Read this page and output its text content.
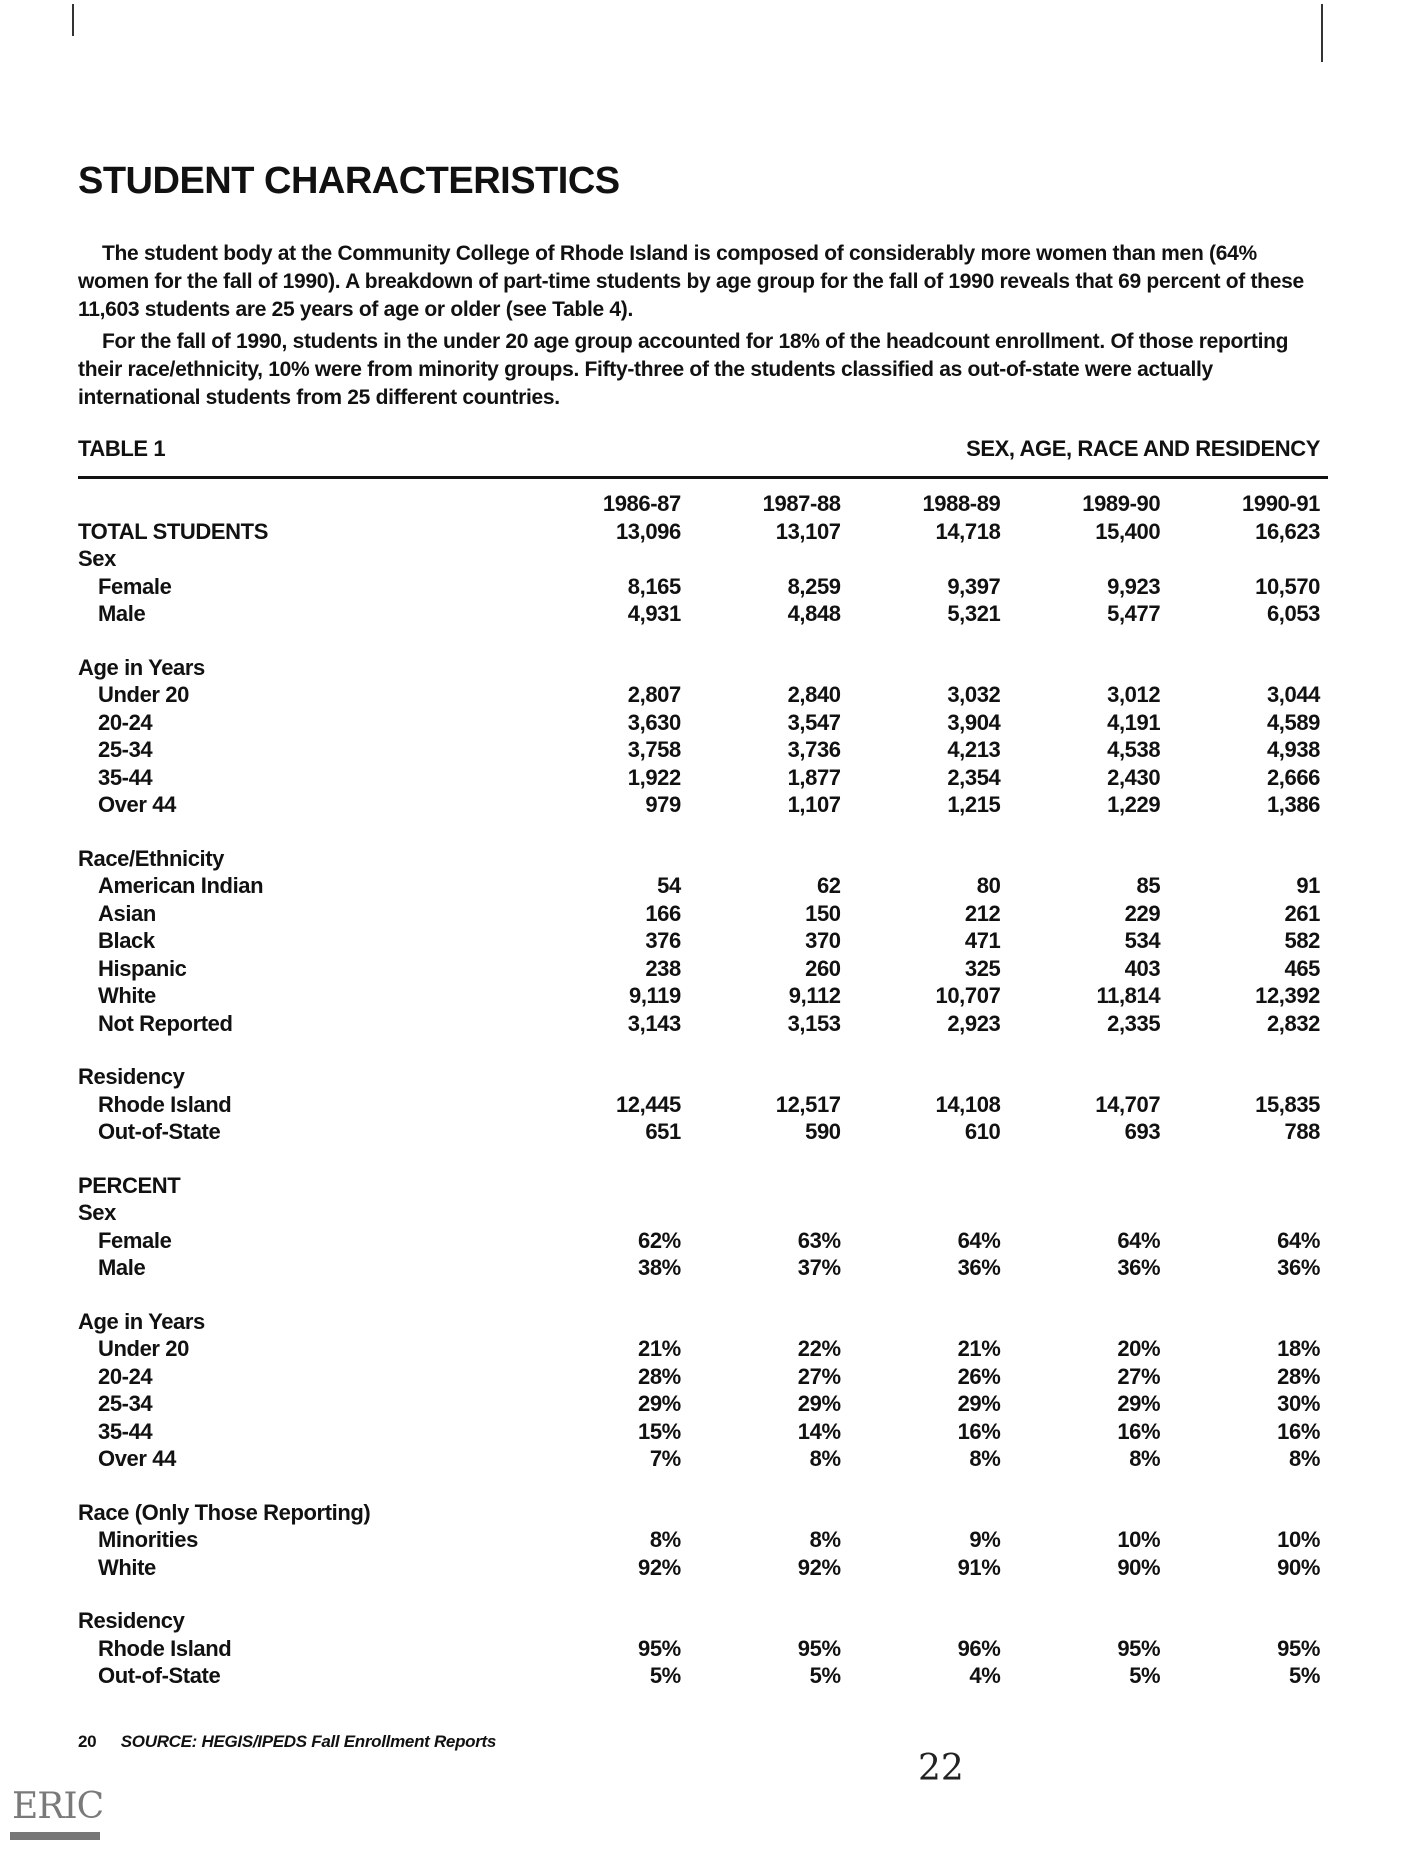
STUDENT CHARACTERISTICS
The student body at the Community College of Rhode Island is composed of considerably more women than men (64% women for the fall of 1990). A breakdown of part-time students by age group for the fall of 1990 reveals that 69 percent of these 11,603 students are 25 years of age or older (see Table 4).
For the fall of 1990, students in the under 20 age group accounted for 18% of the headcount enrollment. Of those reporting their race/ethnicity, 10% were from minority groups. Fifty-three of the students classified as out-of-state were actually international students from 25 different countries.
TABLE 1	SEX, AGE, RACE AND RESIDENCY
	1986-87	1987-88	1988-89	1989-90	1990-91
TOTAL STUDENTS	13,096	13,107	14,718	15,400	16,623
Sex					
Female	8,165	8,259	9,397	9,923	10,570
Male	4,931	4,848	5,321	5,477	6,053

Age in Years					
Under 20	2,807	2,840	3,032	3,012	3,044
20-24	3,630	3,547	3,904	4,191	4,589
25-34	3,758	3,736	4,213	4,538	4,938
35-44	1,922	1,877	2,354	2,430	2,666
Over 44	979	1,107	1,215	1,229	1,386

Race/Ethnicity					
American Indian	54	62	80	85	91
Asian	166	150	212	229	261
Black	376	370	471	534	582
Hispanic	238	260	325	403	465
White	9,119	9,112	10,707	11,814	12,392
Not Reported	3,143	3,153	2,923	2,335	2,832

Residency					
Rhode Island	12,445	12,517	14,108	14,707	15,835
Out-of-State	651	590	610	693	788

PERCENT					
Sex					
Female	62%	63%	64%	64%	64%
Male	38%	37%	36%	36%	36%

Age in Years					
Under 20	21%	22%	21%	20%	18%
20-24	28%	27%	26%	27%	28%
25-34	29%	29%	29%	29%	30%
35-44	15%	14%	16%	16%	16%
Over 44	7%	8%	8%	8%	8%

Race (Only Those Reporting)					
Minorities	8%	8%	9%	10%	10%
White	92%	92%	91%	90%	90%

Residency					
Rhode Island	95%	95%	96%	95%	95%
Out-of-State	5%	5%	4%	5%	5%
20 SOURCE: HEGIS/IPEDS Fall Enrollment Reports
22
ERIC
